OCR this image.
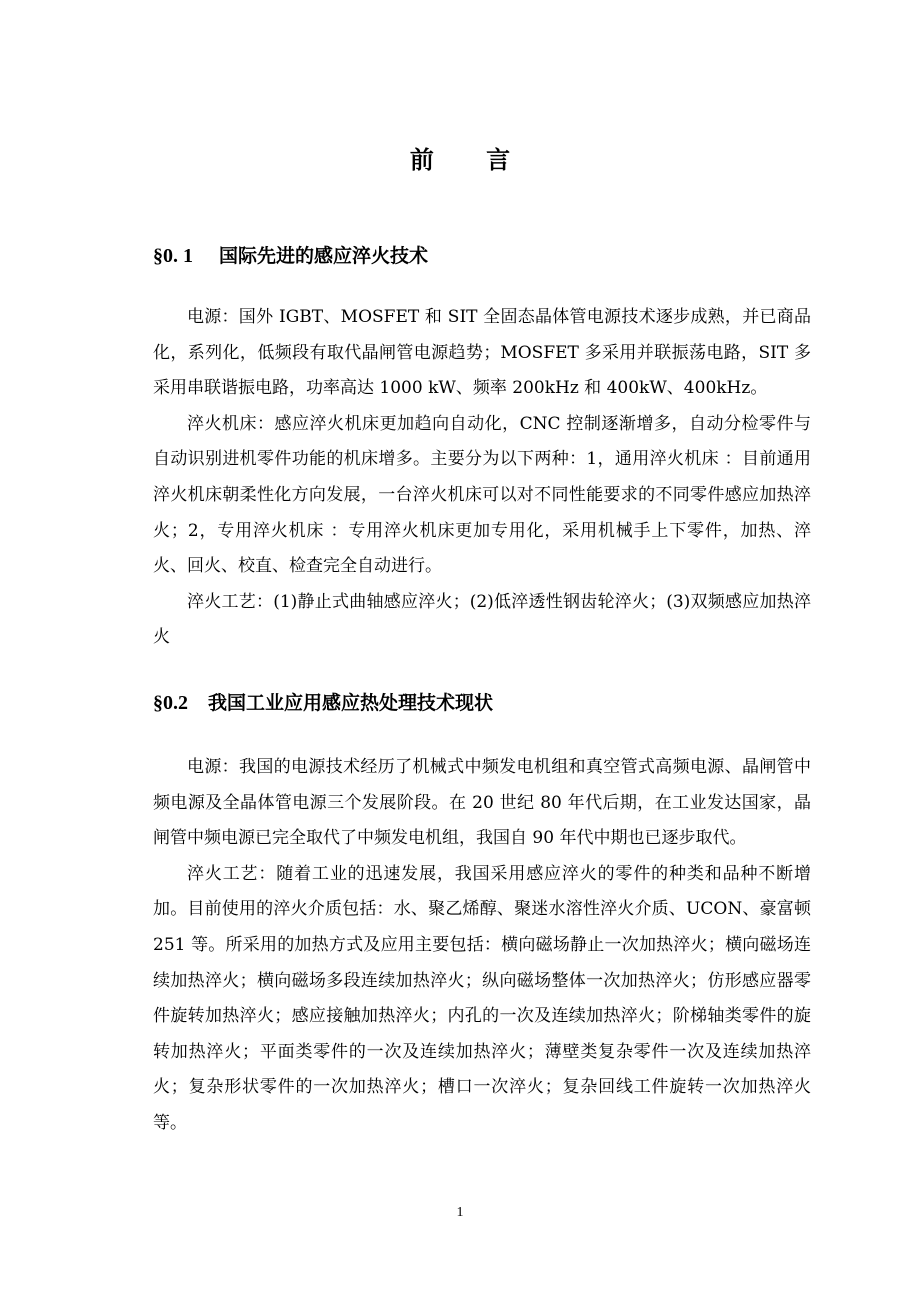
前 言
§0. 1 国际先进的感应淬火技术

电源：国外 IGBT、MOSFET 和 SIT 全固态晶体管电源技术逐步成熟，并已商品化，系列化，低频段有取代晶闸管电源趋势；MOSFET 多采用并联振荡电路，SIT 多采用串联谐振电路，功率高达 1000 kW、频率 200kHz 和 400kW、400kHz。

淬火机床：感应淬火机床更加趋向自动化，CNC 控制逐渐增多，自动分检零件与自动识别进机零件功能的机床增多。主要分为以下两种：1，通用淬火机床 ：目前通用淬火机床朝柔性化方向发展，一台淬火机床可以对不同性能要求的不同零件感应加热淬火；2，专用淬火机床 ：专用淬火机床更加专用化，采用机械手上下零件，加热、淬火、回火、校直、检查完全自动进行。

淬火工艺：(1)静止式曲轴感应淬火；(2)低淬透性钢齿轮淬火；(3)双频感应加热淬火

§0.2 我国工业应用感应热处理技术现状

电源：我国的电源技术经历了机械式中频发电机组和真空管式高频电源、晶闸管中频电源及全晶体管电源三个发展阶段。在 20 世纪 80 年代后期，在工业发达国家，晶闸管中频电源已完全取代了中频发电机组，我国自 90 年代中期也已逐步取代。

淬火工艺：随着工业的迅速发展，我国采用感应淬火的零件的种类和品种不断增加。目前使用的淬火介质包括：水、聚乙烯醇、聚迷水溶性淬火介质、UCON、豪富顿 251 等。所采用的加热方式及应用主要包括：横向磁场静止一次加热淬火；横向磁场连续加热淬火；横向磁场多段连续加热淬火；纵向磁场整体一次加热淬火；仿形感应器零件旋转加热淬火；感应接触加热淬火；内孔的一次及连续加热淬火；阶梯轴类零件的旋转加热淬火；平面类零件的一次及连续加热淬火；薄壁类复杂零件一次及连续加热淬火；复杂形状零件的一次加热淬火；槽口一次淬火；复杂回线工件旋转一次加热淬火等。

1
